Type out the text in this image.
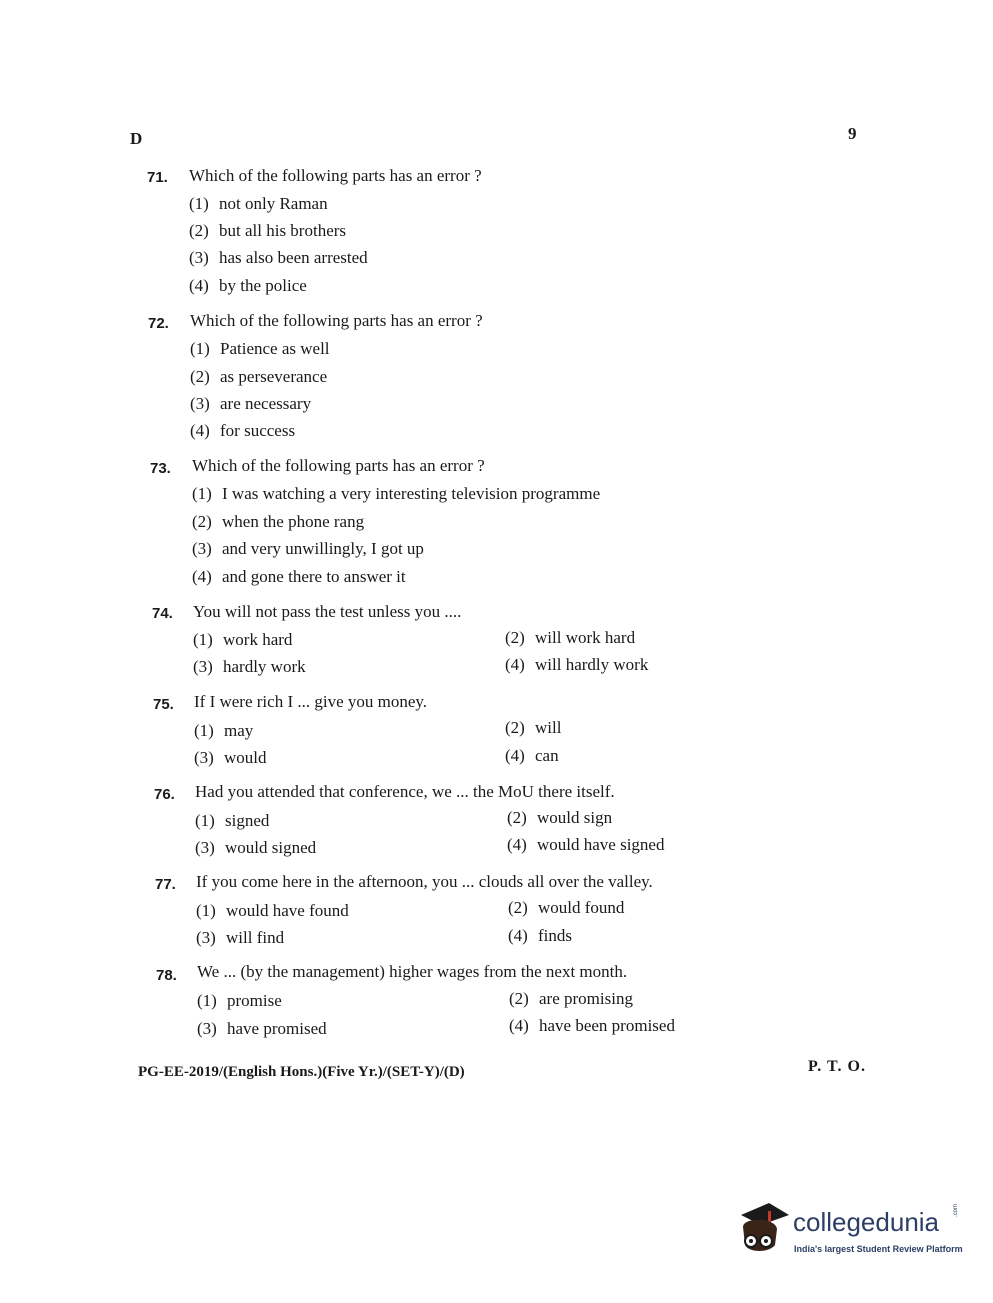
D	9
71. Which of the following parts has an error ?
(1) not only Raman
(2) but all his brothers
(3) has also been arrested
(4) by the police
72. Which of the following parts has an error ?
(1) Patience as well
(2) as perseverance
(3) are necessary
(4) for success
73. Which of the following parts has an error ?
(1) I was watching a very interesting television programme
(2) when the phone rang
(3) and very unwillingly, I got up
(4) and gone there to answer it
74. You will not pass the test unless you ....
(1) work hard	(2) will work hard
(3) hardly work	(4) will hardly work
75. If I were rich I ... give you money.
(1) may	(2) will
(3) would	(4) can
76. Had you attended that conference, we ... the MoU there itself.
(1) signed	(2) would sign
(3) would signed	(4) would have signed
77. If you come here in the afternoon, you ... clouds all over the valley.
(1) would have found	(2) would found
(3) will find	(4) finds
78. We ... (by the management) higher wages from the next month.
(1) promise	(2) are promising
(3) have promised	(4) have been promised
PG-EE-2019/(English Hons.)(Five Yr.)/(SET-Y)/(D)	P. T. O.
collegedunia .com
India's largest Student Review Platform
